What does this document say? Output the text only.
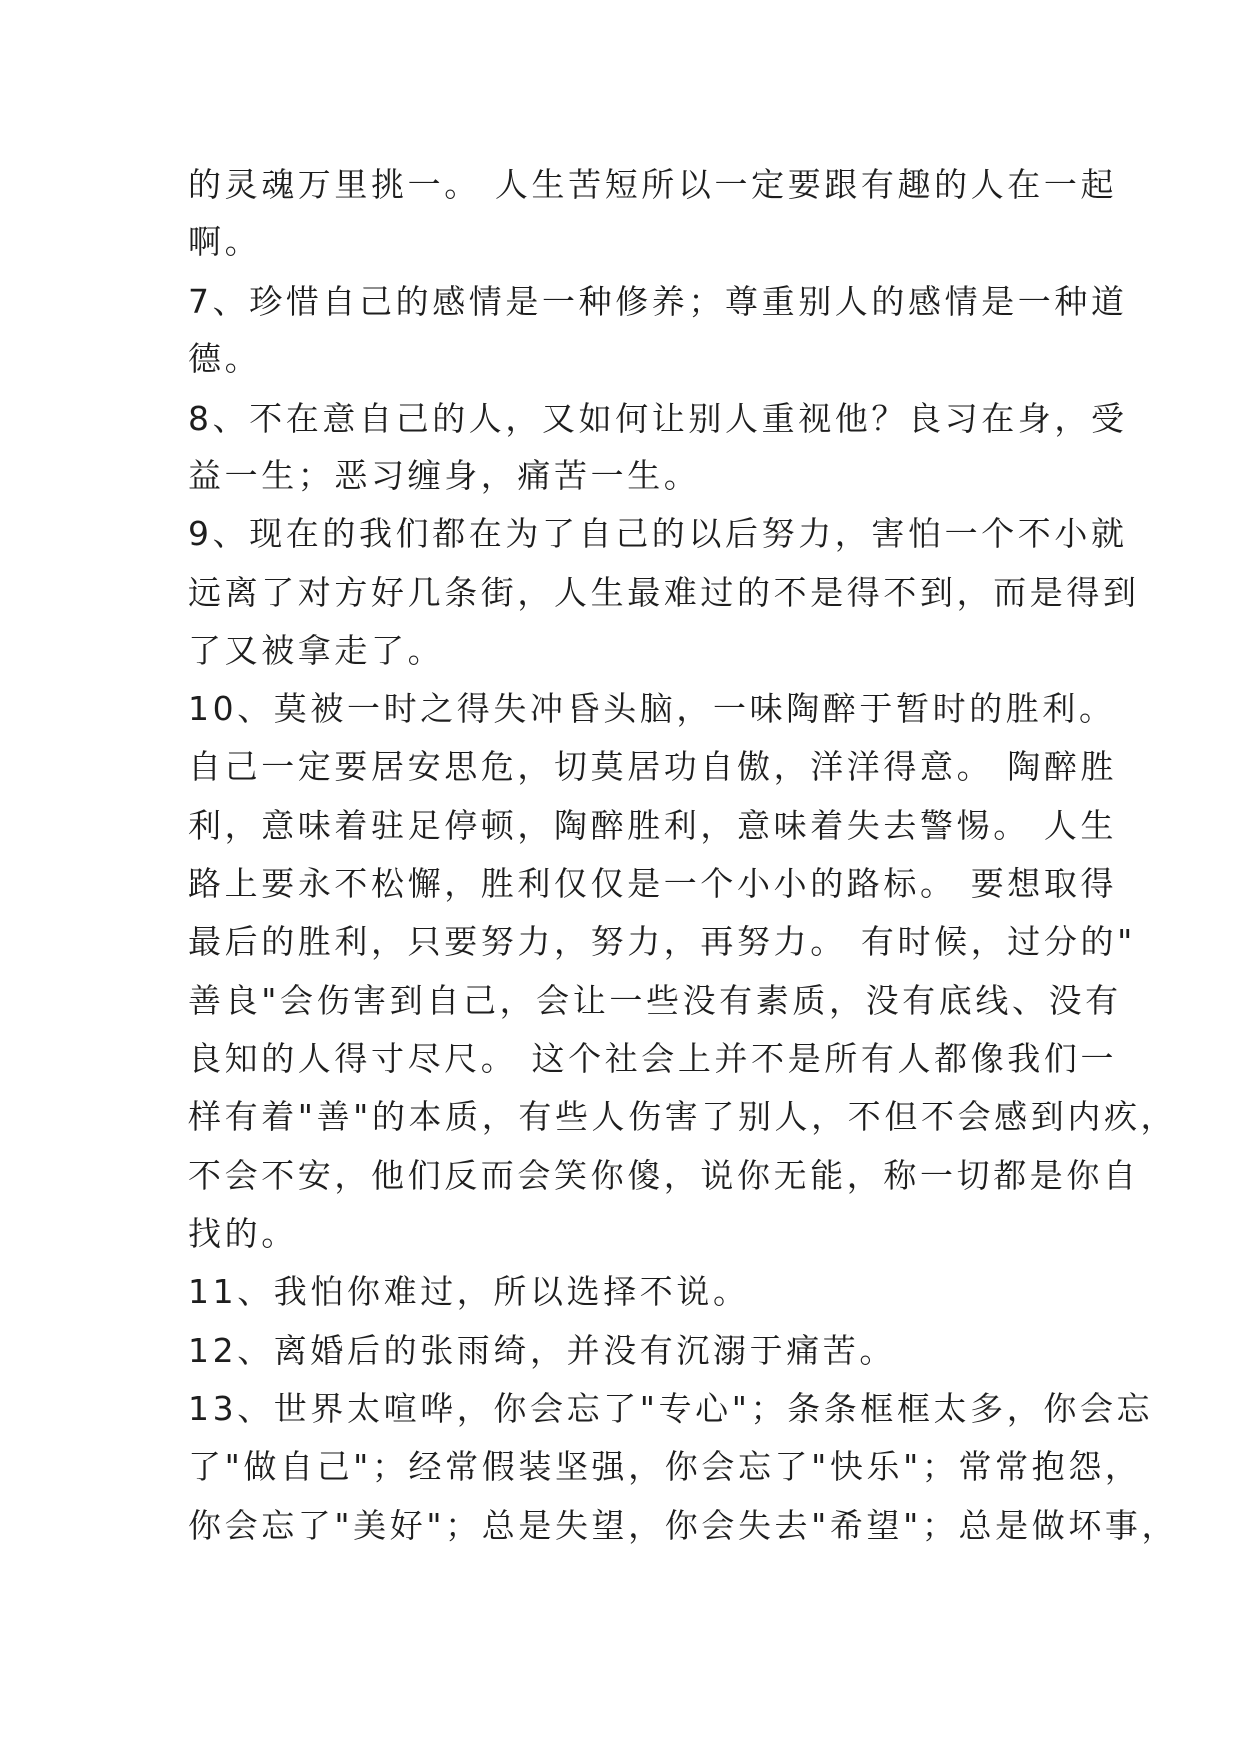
的灵魂万里挑一。 人生苦短所以一定要跟有趣的人在一起
啊。
7、珍惜自己的感情是一种修养；尊重别人的感情是一种道
德。
8、不在意自己的人，又如何让别人重视他？良习在身，受
益一生；恶习缠身，痛苦一生。
9、现在的我们都在为了自己的以后努力，害怕一个不小就
远离了对方好几条街，人生最难过的不是得不到，而是得到
了又被拿走了。
10、莫被一时之得失冲昏头脑，一味陶醉于暂时的胜利。
自己一定要居安思危，切莫居功自傲，洋洋得意。 陶醉胜
利，意味着驻足停顿，陶醉胜利，意味着失去警惕。 人生
路上要永不松懈，胜利仅仅是一个小小的路标。 要想取得
最后的胜利，只要努力，努力，再努力。 有时候，过分的"
善良"会伤害到自己，会让一些没有素质，没有底线、没有
良知的人得寸尽尺。 这个社会上并不是所有人都像我们一
样有着"善"的本质，有些人伤害了别人，不但不会感到内疚，
不会不安，他们反而会笑你傻，说你无能，称一切都是你自
找的。
11、我怕你难过，所以选择不说。
12、离婚后的张雨绮，并没有沉溺于痛苦。
13、世界太喧哗，你会忘了"专心"；条条框框太多，你会忘
了"做自己"；经常假装坚强，你会忘了"快乐"；常常抱怨，
你会忘了"美好"；总是失望，你会失去"希望"；总是做坏事，
